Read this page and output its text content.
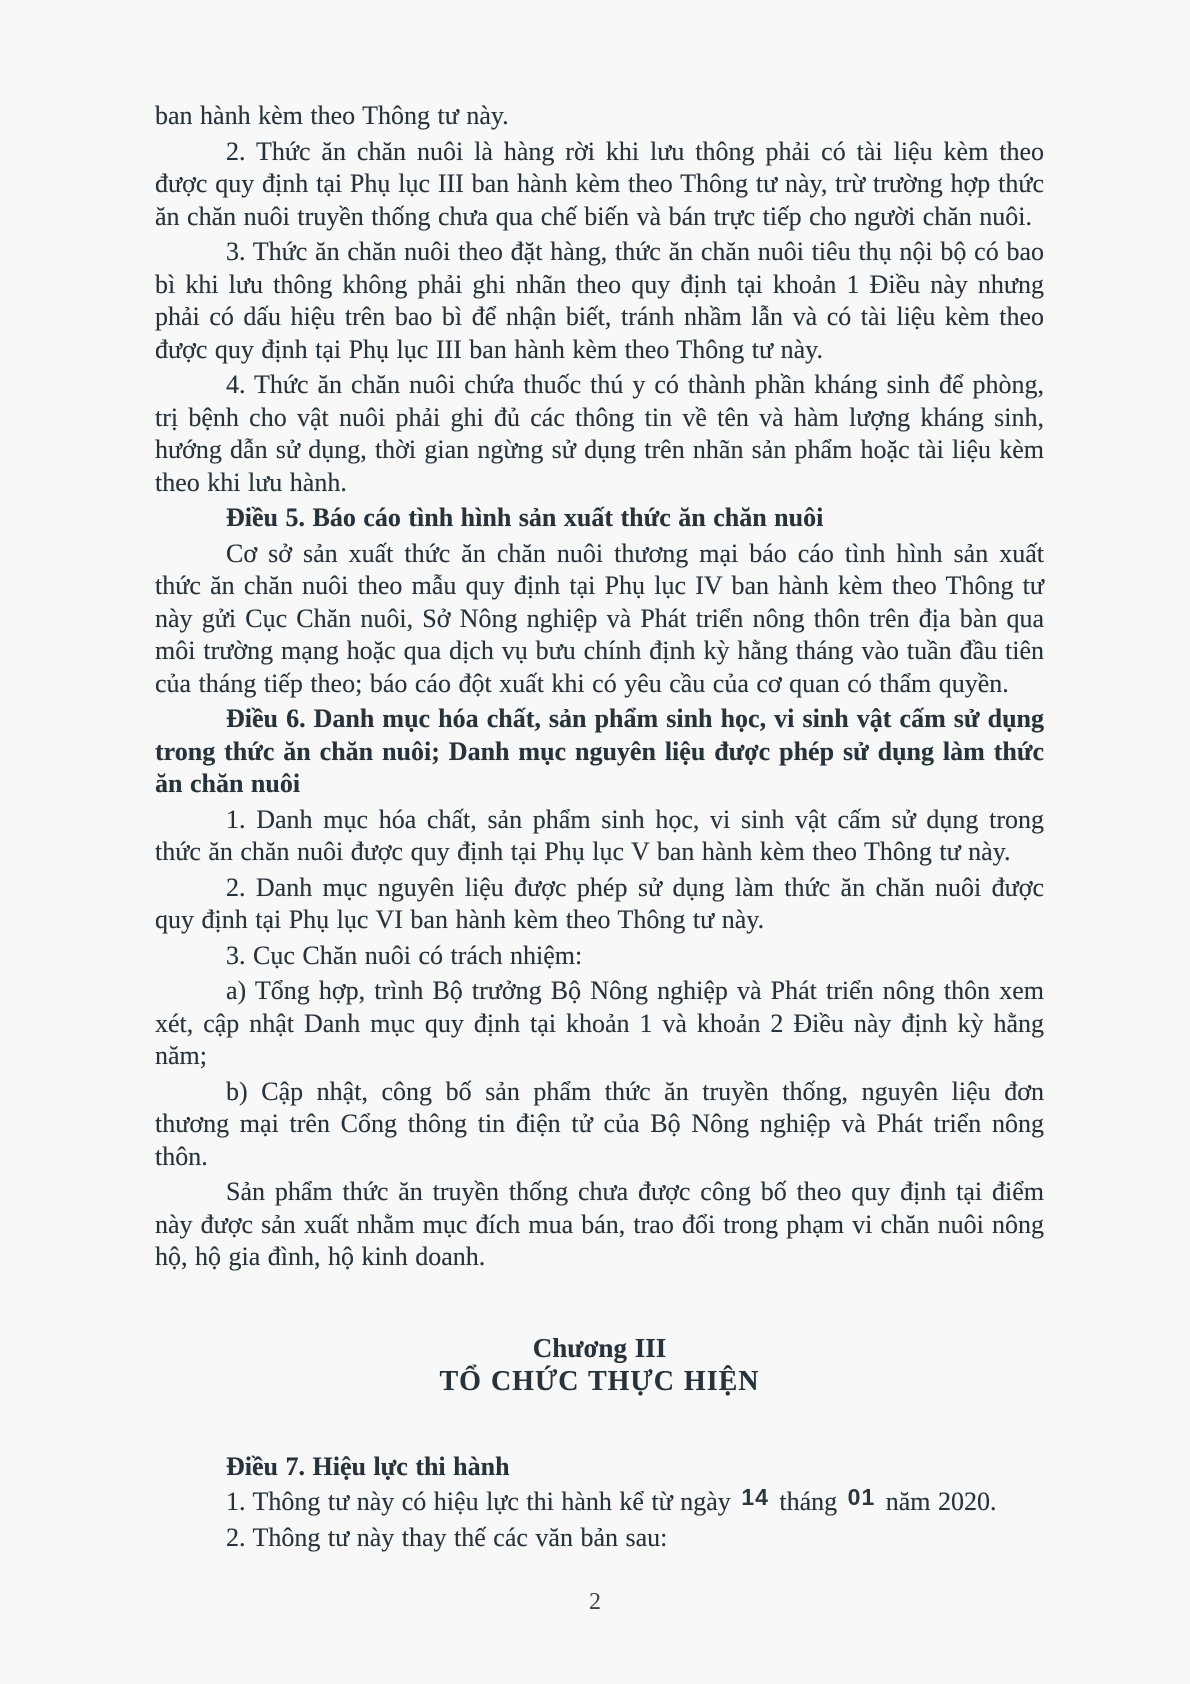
ban hành kèm theo Thông tư này.

2. Thức ăn chăn nuôi là hàng rời khi lưu thông phải có tài liệu kèm theo được quy định tại Phụ lục III ban hành kèm theo Thông tư này, trừ trường hợp thức ăn chăn nuôi truyền thống chưa qua chế biến và bán trực tiếp cho người chăn nuôi.

3. Thức ăn chăn nuôi theo đặt hàng, thức ăn chăn nuôi tiêu thụ nội bộ có bao bì khi lưu thông không phải ghi nhãn theo quy định tại khoản 1 Điều này nhưng phải có dấu hiệu trên bao bì để nhận biết, tránh nhầm lẫn và có tài liệu kèm theo được quy định tại Phụ lục III ban hành kèm theo Thông tư này.

4. Thức ăn chăn nuôi chứa thuốc thú y có thành phần kháng sinh để phòng, trị bệnh cho vật nuôi phải ghi đủ các thông tin về tên và hàm lượng kháng sinh, hướng dẫn sử dụng, thời gian ngừng sử dụng trên nhãn sản phẩm hoặc tài liệu kèm theo khi lưu hành.

Điều 5. Báo cáo tình hình sản xuất thức ăn chăn nuôi

Cơ sở sản xuất thức ăn chăn nuôi thương mại báo cáo tình hình sản xuất thức ăn chăn nuôi theo mẫu quy định tại Phụ lục IV ban hành kèm theo Thông tư này gửi Cục Chăn nuôi, Sở Nông nghiệp và Phát triển nông thôn trên địa bàn qua môi trường mạng hoặc qua dịch vụ bưu chính định kỳ hằng tháng vào tuần đầu tiên của tháng tiếp theo; báo cáo đột xuất khi có yêu cầu của cơ quan có thẩm quyền.

Điều 6. Danh mục hóa chất, sản phẩm sinh học, vi sinh vật cấm sử dụng trong thức ăn chăn nuôi; Danh mục nguyên liệu được phép sử dụng làm thức ăn chăn nuôi

1. Danh mục hóa chất, sản phẩm sinh học, vi sinh vật cấm sử dụng trong thức ăn chăn nuôi được quy định tại Phụ lục V ban hành kèm theo Thông tư này.

2. Danh mục nguyên liệu được phép sử dụng làm thức ăn chăn nuôi được quy định tại Phụ lục VI ban hành kèm theo Thông tư này.

3. Cục Chăn nuôi có trách nhiệm:

a) Tổng hợp, trình Bộ trưởng Bộ Nông nghiệp và Phát triển nông thôn xem xét, cập nhật Danh mục quy định tại khoản 1 và khoản 2 Điều này định kỳ hằng năm;

b) Cập nhật, công bố sản phẩm thức ăn truyền thống, nguyên liệu đơn thương mại trên Cổng thông tin điện tử của Bộ Nông nghiệp và Phát triển nông thôn.

Sản phẩm thức ăn truyền thống chưa được công bố theo quy định tại điểm này được sản xuất nhằm mục đích mua bán, trao đổi trong phạm vi chăn nuôi nông hộ, hộ gia đình, hộ kinh doanh.

Chương III

TỔ CHỨC THỰC HIỆN

Điều 7. Hiệu lực thi hành

1. Thông tư này có hiệu lực thi hành kể từ ngày 14 tháng 01 năm 2020.

2. Thông tư này thay thế các văn bản sau:

2
